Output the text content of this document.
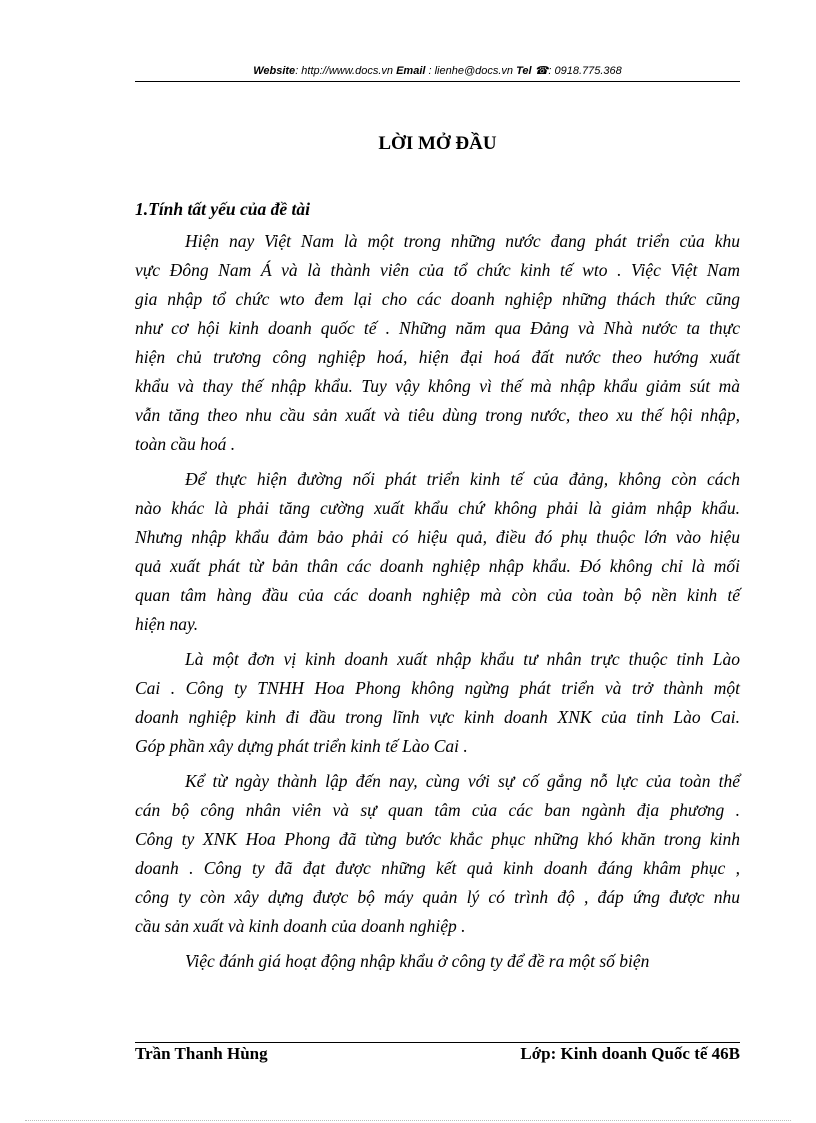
Website: http://www.docs.vn Email : lienhe@docs.vn Tel ☎: 0918.775.368
LỜI MỞ ĐẦU
1.Tính tất yếu của đề tài

Hiện nay Việt Nam là một trong những nước đang phát triển của khu
vực Đông Nam Á và là thành viên của tổ chức kinh tế wto . Việc Việt Nam
gia nhập tổ chức wto đem lại cho các doanh nghiệp những thách thức cũng
như cơ hội kinh doanh quốc tế . Những năm qua Đảng và Nhà nước ta thực
hiện chủ trương công nghiệp hoá, hiện đại hoá đất nước theo hướng xuất
khẩu và thay thế nhập khẩu. Tuy vậy không vì thế mà nhập khẩu giảm sút mà
vẫn tăng theo nhu cầu sản xuất và tiêu dùng trong nước, theo xu thế hội nhập,
toàn cầu hoá .

Để thực hiện đường nối phát triển kinh tế của đảng, không còn cách
nào khác là phải tăng cường xuất khẩu chứ không phải là giảm nhập khẩu.
Nhưng nhập khẩu đảm bảo phải có hiệu quả, điều đó phụ thuộc lớn vào hiệu
quả xuất phát từ bản thân các doanh nghiệp nhập khẩu. Đó không chỉ là mối
quan tâm hàng đầu của các doanh nghiệp mà còn của toàn bộ nền kinh tế
hiện nay.

Là một đơn vị kinh doanh xuất nhập khẩu tư nhân trực thuộc tỉnh Lào
Cai . Công ty TNHH Hoa Phong không ngừng phát triển và trở thành một
doanh nghiệp kinh đi đầu trong lĩnh vực kinh doanh XNK của tỉnh Lào Cai.
Góp phần xây dựng phát triển kinh tế Lào Cai .

Kể từ ngày thành lập đến nay, cùng với sự cố gắng nỗ lực của toàn thể
cán bộ công nhân viên và sự quan tâm của các ban ngành địa phương .
Công ty XNK Hoa Phong đã từng bước khắc phục những khó khăn trong kinh
doanh . Công ty đã đạt được những kết quả kinh doanh đáng khâm phục ,
công ty còn xây dựng được bộ máy quản lý có trình độ , đáp ứng được nhu
cầu sản xuất và kinh doanh của doanh nghiệp .

Việc đánh giá hoạt động nhập khẩu ở công ty để đề ra một số biện

Trần Thanh Hùng	Lớp: Kinh doanh Quốc tế 46B
